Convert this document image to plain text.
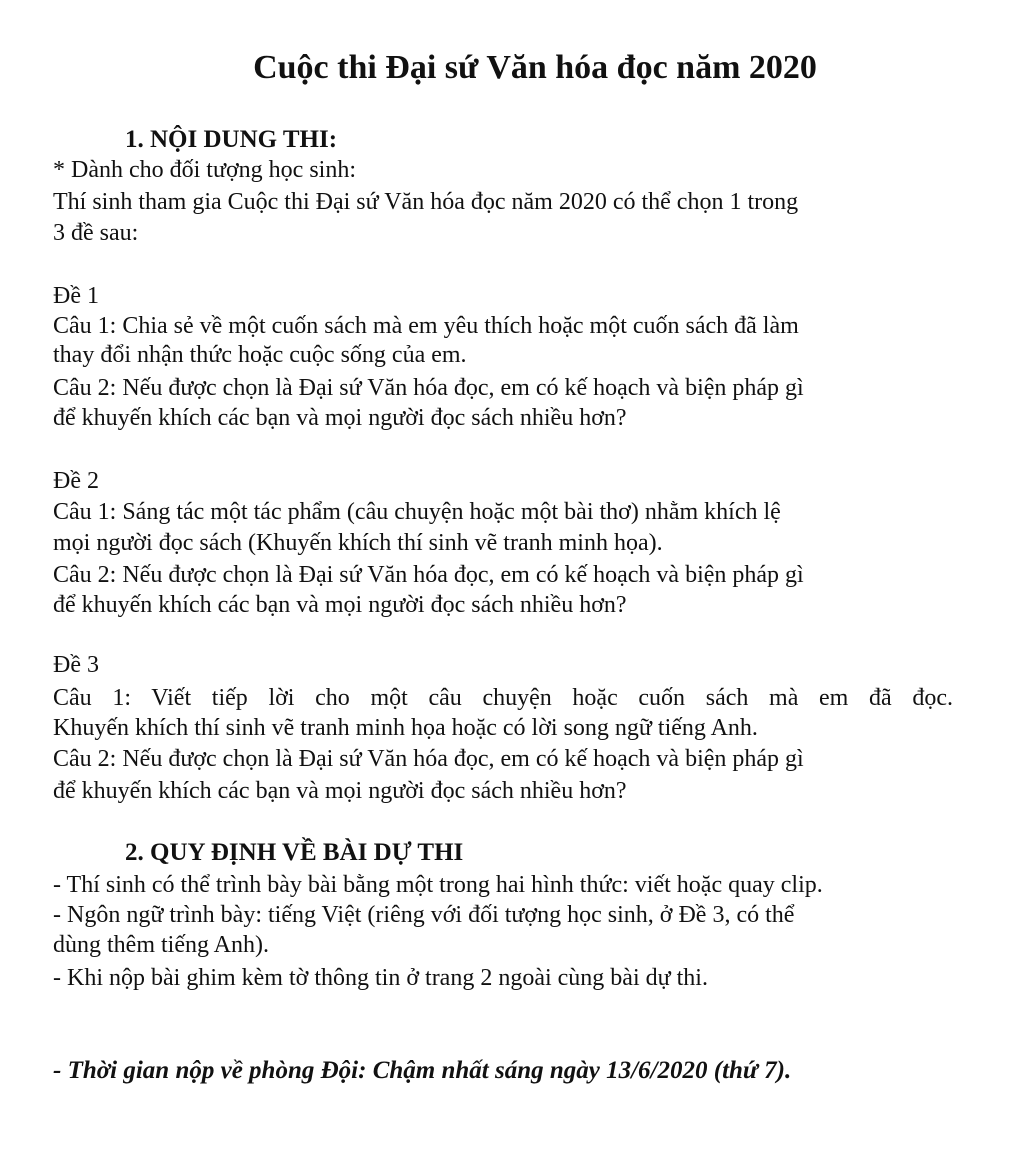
Cuộc thi Đại sứ Văn hóa đọc năm 2020
1. NỘI DUNG THI:
* Dành cho đối tượng học sinh:
Thí sinh tham gia Cuộc thi Đại sứ Văn hóa đọc năm 2020 có thể chọn 1 trong
3 đề sau:
Đề 1
Câu 1: Chia sẻ về một cuốn sách mà em yêu thích hoặc một cuốn sách đã làm
thay đổi nhận thức hoặc cuộc sống của em.
Câu 2: Nếu được chọn là Đại sứ Văn hóa đọc, em có kế hoạch và biện pháp gì
để khuyến khích các bạn và mọi người đọc sách nhiều hơn?
Đề 2
Câu 1: Sáng tác một tác phẩm (câu chuyện hoặc một bài thơ) nhằm khích lệ
mọi người đọc sách (Khuyến khích thí sinh vẽ tranh minh họa).
Câu 2: Nếu được chọn là Đại sứ Văn hóa đọc, em có kế hoạch và biện pháp gì
để khuyến khích các bạn và mọi người đọc sách nhiều hơn?
Đề 3
Câu 1: Viết tiếp lời cho một câu chuyện hoặc cuốn sách mà em đã đọc.
Khuyến khích thí sinh vẽ tranh minh họa hoặc có lời song ngữ tiếng Anh.
Câu 2: Nếu được chọn là Đại sứ Văn hóa đọc, em có kế hoạch và biện pháp gì
để khuyến khích các bạn và mọi người đọc sách nhiều hơn?
2. QUY ĐỊNH VỀ BÀI DỰ THI
- Thí sinh có thể trình bày bài bằng một trong hai hình thức: viết hoặc quay clip.
- Ngôn ngữ trình bày: tiếng Việt (riêng với đối tượng học sinh, ở Đề 3, có thể
dùng thêm tiếng Anh).
- Khi nộp bài ghim kèm tờ thông tin ở trang 2 ngoài cùng bài dự thi.
- Thời gian nộp về phòng Đội: Chậm nhất sáng ngày 13/6/2020 (thứ 7).
